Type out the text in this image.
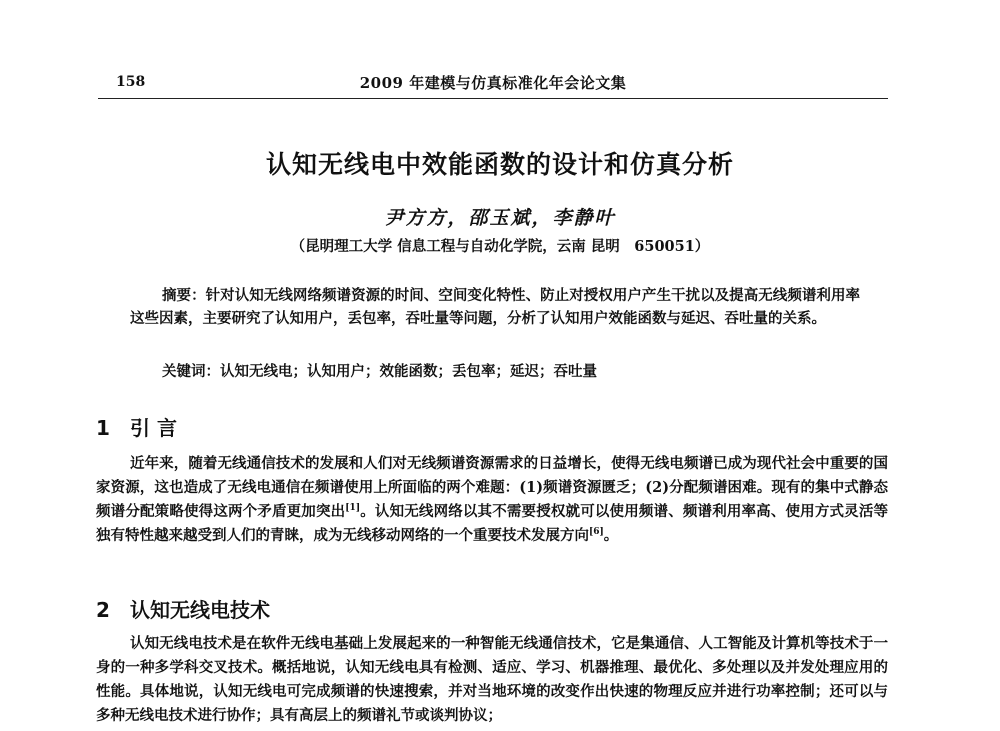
158	2009 年建模与仿真标准化年会论文集
认知无线电中效能函数的设计和仿真分析
尹方方，邵玉斌，李静叶
（昆明理工大学 信息工程与自动化学院，云南 昆明　650051）

摘要：针对认知无线网络频谱资源的时间、空间变化特性、防止对授权用户产生干扰以及提高无线频谱利用率这些因素，主要研究了认知用户，丢包率，吞吐量等问题，分析了认知用户效能函数与延迟、吞吐量的关系。

关键词：认知无线电；认知用户；效能函数；丢包率；延迟；吞吐量

1 引 言

近年来，随着无线通信技术的发展和人们对无线频谱资源需求的日益增长，使得无线电频谱已成为现代社会中重要的国家资源，这也造成了无线电通信在频谱使用上所面临的两个难题：(1)频谱资源匮乏；(2)分配频谱困难。现有的集中式静态频谱分配策略使得这两个矛盾更加突出[1]。认知无线网络以其不需要授权就可以使用频谱、频谱利用率高、使用方式灵活等独有特性越来越受到人们的青睐，成为无线移动网络的一个重要技术发展方向[6]。

2 认知无线电技术

认知无线电技术是在软件无线电基础上发展起来的一种智能无线通信技术，它是集通信、人工智能及计算机等技术于一身的一种多学科交叉技术。概括地说，认知无线电具有检测、适应、学习、机器推理、最优化、多处理以及并发处理应用的性能。具体地说，认知无线电可完成频谱的快速搜索，并对当地环境的改变作出快速的物理反应并进行功率控制；还可以与多种无线电技术进行协作；具有高层上的频谱礼节或谈判协议；
